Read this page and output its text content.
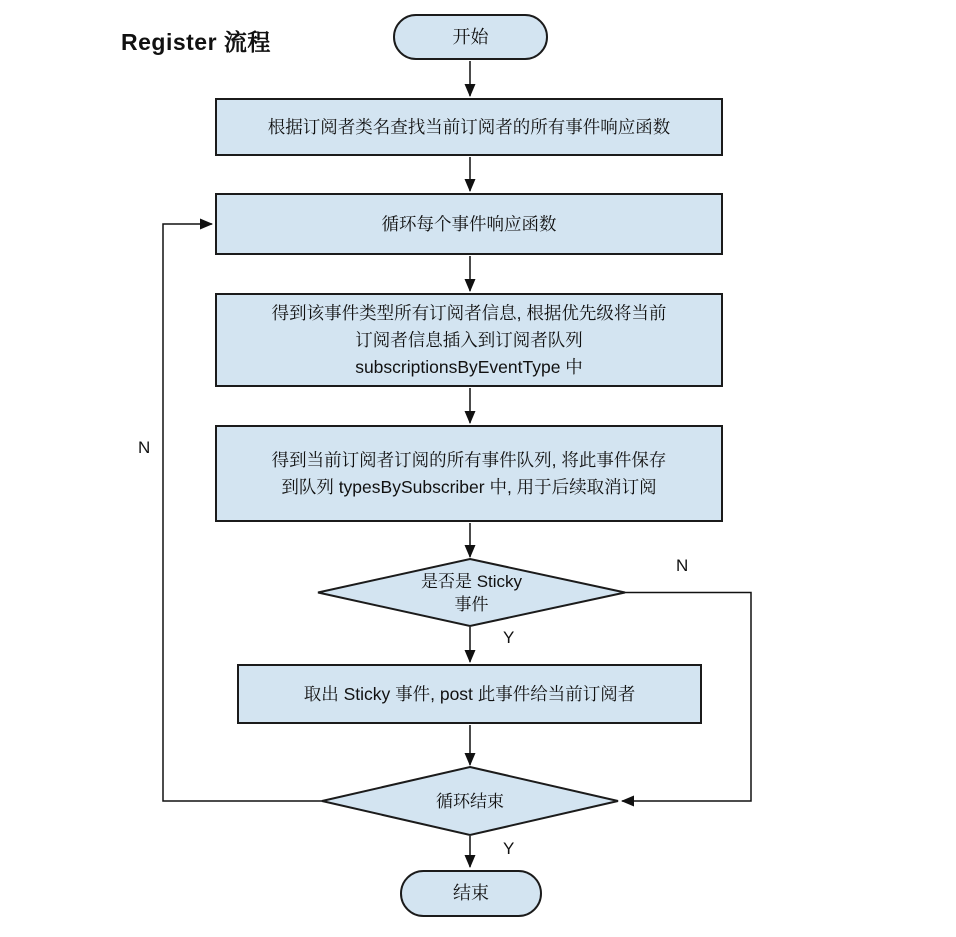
Register 流程	开始
根据订阅者类名查找当前订阅者的所有事件响应函数
循环每个事件响应函数
得到该事件类型所有订阅者信息, 根据优先级将当前
订阅者信息插入到订阅者队列
subscriptionsByEventType 中
得到当前订阅者订阅的所有事件队列, 将此事件保存
到队列 typesBySubscriber 中, 用于后续取消订阅
是否是 Sticky
事件
取出 Sticky 事件, post 此事件给当前订阅者
循环结束
结束
Y
N
N
Y
